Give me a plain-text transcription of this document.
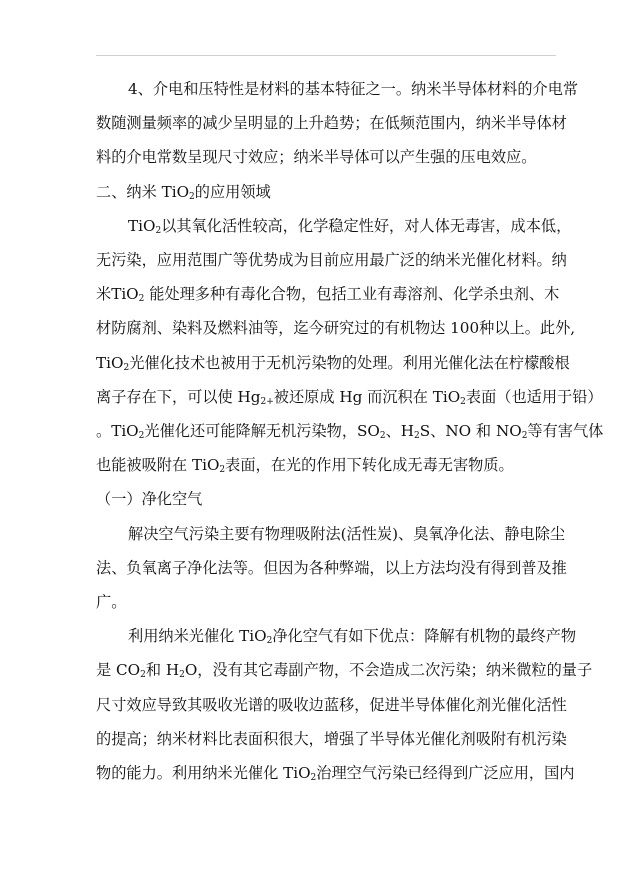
4、介电和压特性是材料的基本特征之一。纳米半导体材料的介电常

数随测量频率的减少呈明显的上升趋势；在低频范围内，纳米半导体材

料的介电常数呈现尺寸效应；纳米半导体可以产生强的压电效应。

二、纳米 TiO$_2$的应用领域

TiO$_2$以其氧化活性较高，化学稳定性好，对人体无毒害，成本低，

无污染，应用范围广等优势成为目前应用最广泛的纳米光催化材料。纳

米TiO$_2$ 能处理多种有毒化合物，包括工业有毒溶剂、化学杀虫剂、木

材防腐剂、染料及燃料油等，迄今研究过的有机物达 100种以上。此外,

TiO$_2$光催化技术也被用于无机污染物的处理。利用光催化法在柠檬酸根

离子存在下，可以使 $Hg_{2+}$被还原成 Hg 而沉积在 TiO$_2$表面（也适用于铅）

。TiO$_2$光催化还可能降解无机污染物，$SO_2$、$H_2S$、NO 和 $NO_2$等有害气体

也能被吸附在 TiO$_2$表面，在光的作用下转化成无毒无害物质。

（一）净化空气

解决空气污染主要有物理吸附法(活性炭)、臭氧净化法、静电除尘

法、负氧离子净化法等。但因为各种弊端，以上方法均没有得到普及推

广。

利用纳米光催化 TiO$_2$净化空气有如下优点：降解有机物的最终产物

是 $CO_2$和 $H_2O$，没有其它毒副产物，不会造成二次污染；纳米微粒的量子

尺寸效应导致其吸收光谱的吸收边蓝移，促进半导体催化剂光催化活性

的提高；纳米材料比表面积很大，增强了半导体光催化剂吸附有机污染

物的能力。利用纳米光催化 TiO$_2$治理空气污染已经得到广泛应用，国内
